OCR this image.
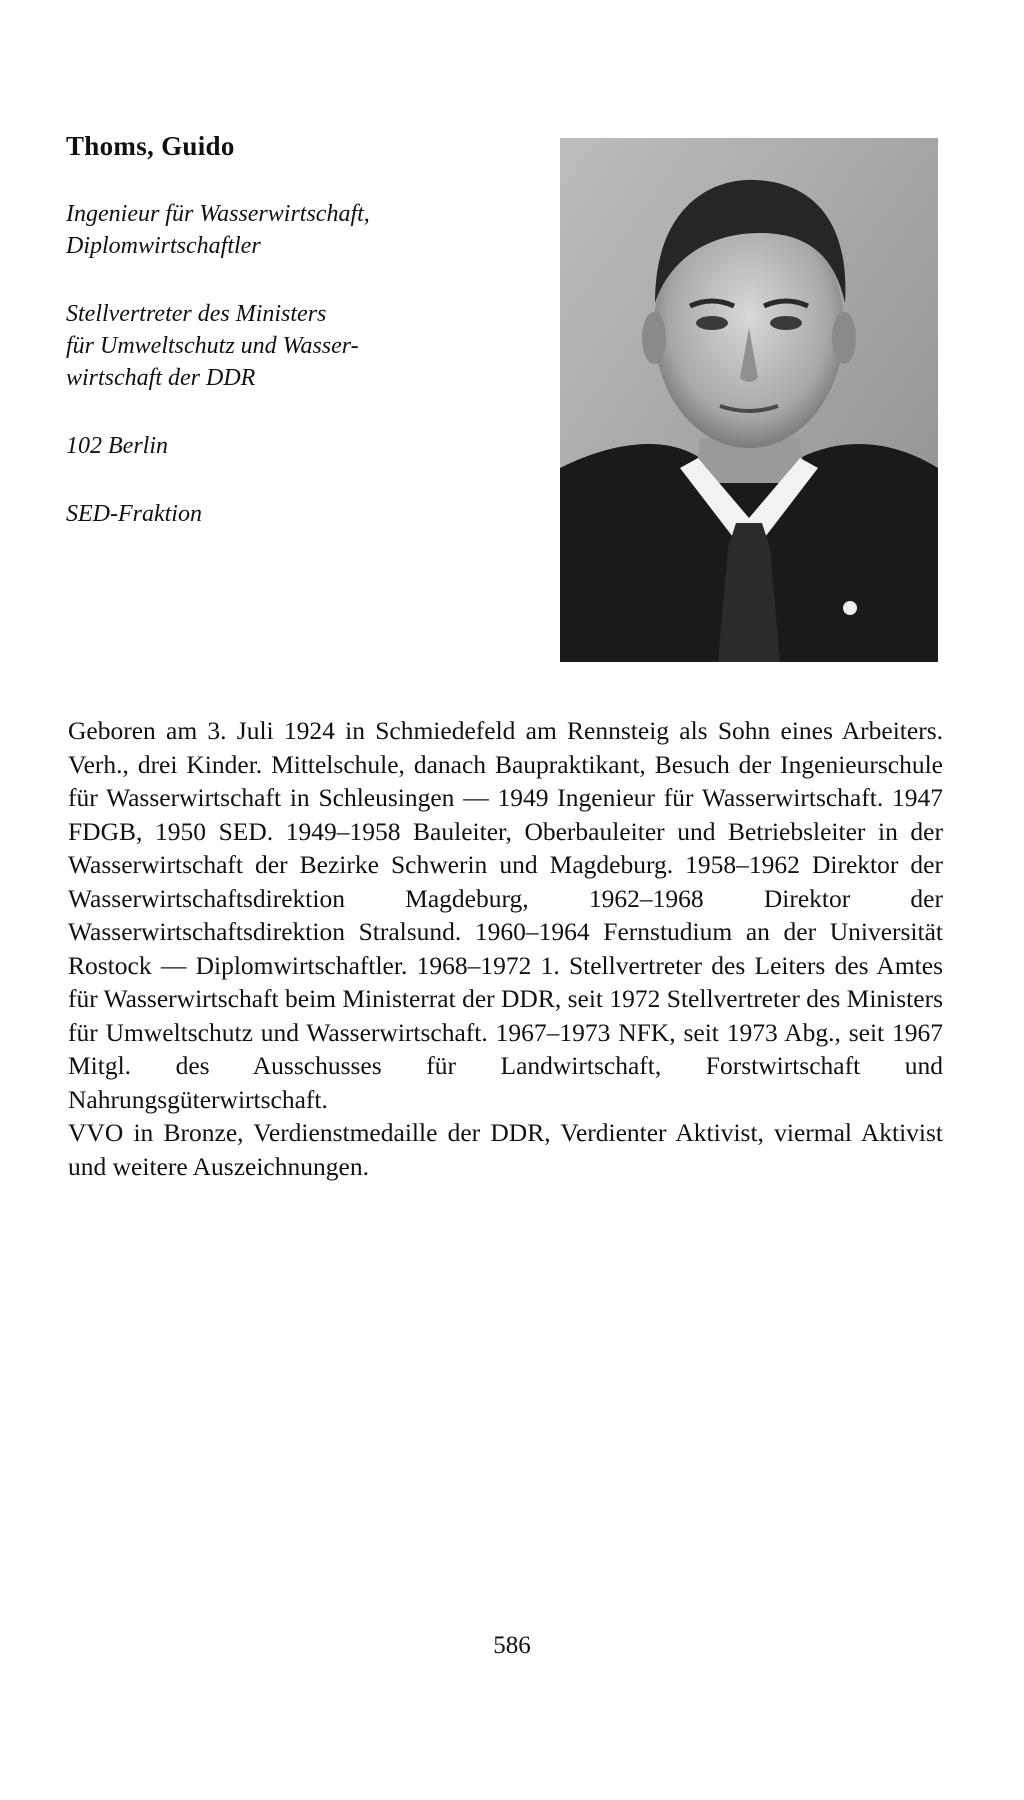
Thoms, Guido
Ingenieur für Wasserwirtschaft,
Diplomwirtschaftler
Stellvertreter des Ministers
für Umweltschutz und Wasser-
wirtschaft der DDR
102 Berlin
SED-Fraktion

Geboren am 3. Juli 1924 in Schmiedefeld am Rennsteig als Sohn eines Arbeiters. Verh., drei Kinder. Mittelschule, danach Baupraktikant, Besuch der Ingenieurschule für Wasserwirtschaft in Schleusingen — 1949 Ingenieur für Wasserwirtschaft. 1947 FDGB, 1950 SED. 1949–1958 Bauleiter, Oberbauleiter und Betriebsleiter in der Wasserwirtschaft der Bezirke Schwerin und Magdeburg. 1958–1962 Direktor der Wasserwirtschaftsdirektion Magdeburg, 1962–1968 Direktor der Wasserwirtschaftsdirektion Stralsund. 1960–1964 Fernstudium an der Universität Rostock — Diplomwirtschaftler. 1968–1972 1. Stellvertreter des Leiters des Amtes für Wasserwirtschaft beim Ministerrat der DDR, seit 1972 Stellvertreter des Ministers für Umweltschutz und Wasserwirtschaft. 1967–1973 NFK, seit 1973 Abg., seit 1967 Mitgl. des Ausschusses für Landwirtschaft, Forstwirtschaft und Nahrungsgüterwirtschaft.

VVO in Bronze, Verdienstmedaille der DDR, Verdienter Aktivist, viermal Aktivist und weitere Auszeichnungen.

586
